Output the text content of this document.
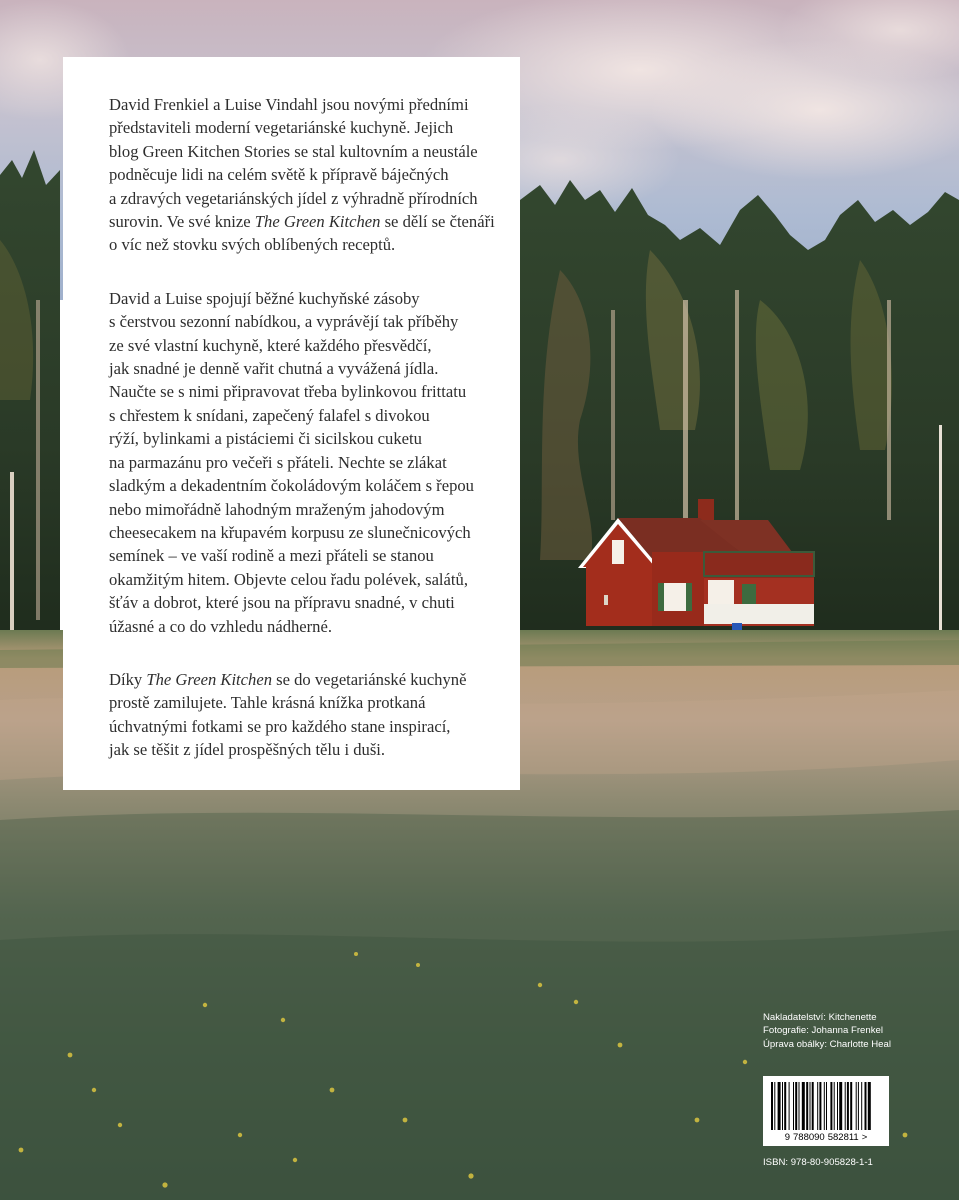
David Frenkiel a Luise Vindahl jsou novými předními
představiteli moderní vegetariánské kuchyně. Jejich
blog Green Kitchen Stories se stal kultovním a neustále
podněcuje lidi na celém světě k přípravě báječných
a zdravých vegetariánských jídel z výhradně přírodních
surovin. Ve své knize The Green Kitchen se dělí se čtenáři
o víc než stovku svých oblíbených receptů.

David a Luise spojují běžné kuchyňské zásoby
s čerstvou sezonní nabídkou, a vyprávějí tak příběhy
ze své vlastní kuchyně, které každého přesvědčí,
jak snadné je denně vařit chutná a vyvážená jídla.
Naučte se s nimi připravovat třeba bylinkovou frittatu
s chřestem k snídani, zapečený falafel s divokou
rýží, bylinkami a pistáciemi či sicilskou cuketu
na parmazánu pro večeři s přáteli. Nechte se zlákat
sladkým a dekadentním čokoládovým koláčem s řepou
nebo mimořádně lahodným mraženým jahodovým
cheesecakem na křupavém korpusu ze slunečnicových
semínek – ve vaší rodině a mezi přáteli se stanou
okamžitým hitem. Objevte celou řadu polévek, salátů,
šťáv a dobrot, které jsou na přípravu snadné, v chuti
úžasné a co do vzhledu nádherné.

Díky The Green Kitchen se do vegetariánské kuchyně
prostě zamilujete. Tahle krásná knížka protkaná
úchvatnými fotkami se pro každého stane inspirací,
jak se těšit z jídel prospěšných tělu i duši.

Nakladatelství: Kitchenette
Fotografie: Johanna Frenkel
Úprava obálky: Charlotte Heal
9 788090 582811 >
ISBN: 978-80-905828-1-1
